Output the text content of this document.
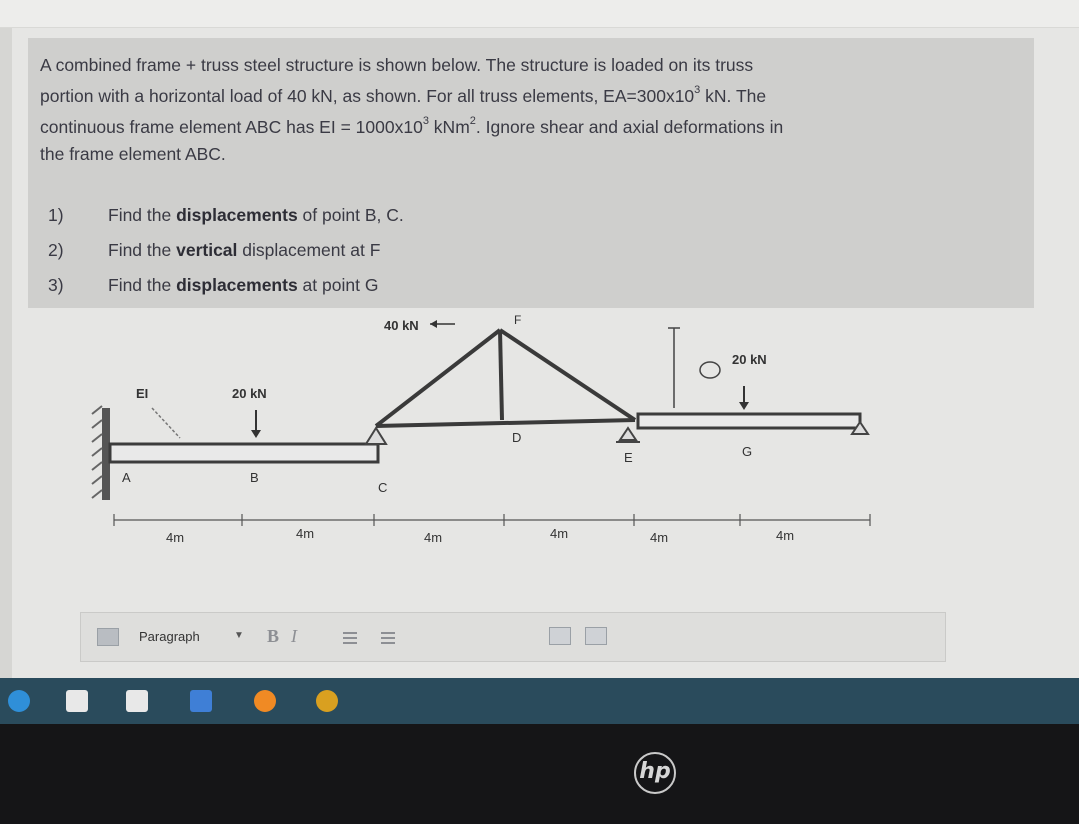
A combined frame + truss steel structure is shown below. The structure is loaded on its truss
portion with a horizontal load of 40 kN, as shown. For all truss elements, $EA=300x10^3$ kN. The
continuous frame element ABC has EI = $1000x10^3$ kNm$^2$. Ignore shear and axial deformations in
the frame element ABC.
1)	Find the displacements of point B, C.
2)	Find the vertical displacement at F
3)	Find the displacements at point G
EI	20 kN
40 kN
20 kN
A	B
C
D
E
F
G
4m	4m	4m	4m	4m	4m
Paragraph	▼ B I
hp
